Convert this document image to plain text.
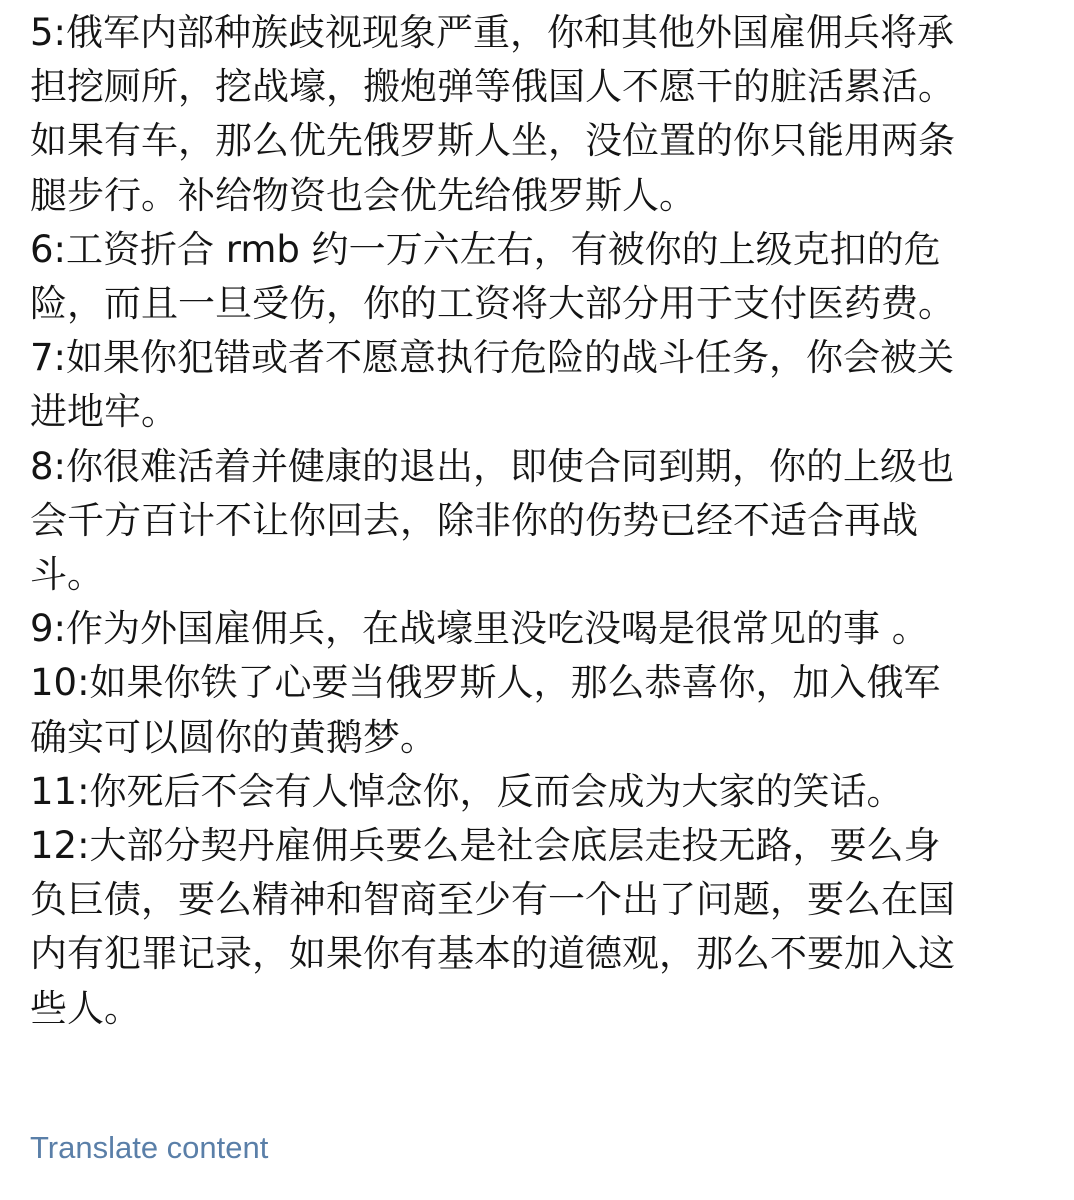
5:俄军内部种族歧视现象严重，你和其他外国雇佣兵将承
担挖厕所，挖战壕，搬炮弹等俄国人不愿干的脏活累活。
如果有车，那么优先俄罗斯人坐，没位置的你只能用两条
腿步行。补给物资也会优先给俄罗斯人。
6:工资折合 rmb 约一万六左右，有被你的上级克扣的危
险，而且一旦受伤，你的工资将大部分用于支付医药费。
7:如果你犯错或者不愿意执行危险的战斗任务，你会被关
进地牢。
8:你很难活着并健康的退出，即使合同到期，你的上级也
会千方百计不让你回去，除非你的伤势已经不适合再战
斗。
9:作为外国雇佣兵，在战壕里没吃没喝是很常见的事 。
10:如果你铁了心要当俄罗斯人，那么恭喜你，加入俄军
确实可以圆你的黄鹅梦。
11:你死后不会有人悼念你，反而会成为大家的笑话。
12:大部分契丹雇佣兵要么是社会底层走投无路，要么身
负巨债，要么精神和智商至少有一个出了问题，要么在国
内有犯罪记录，如果你有基本的道德观，那么不要加入这
些人。
Translate content
